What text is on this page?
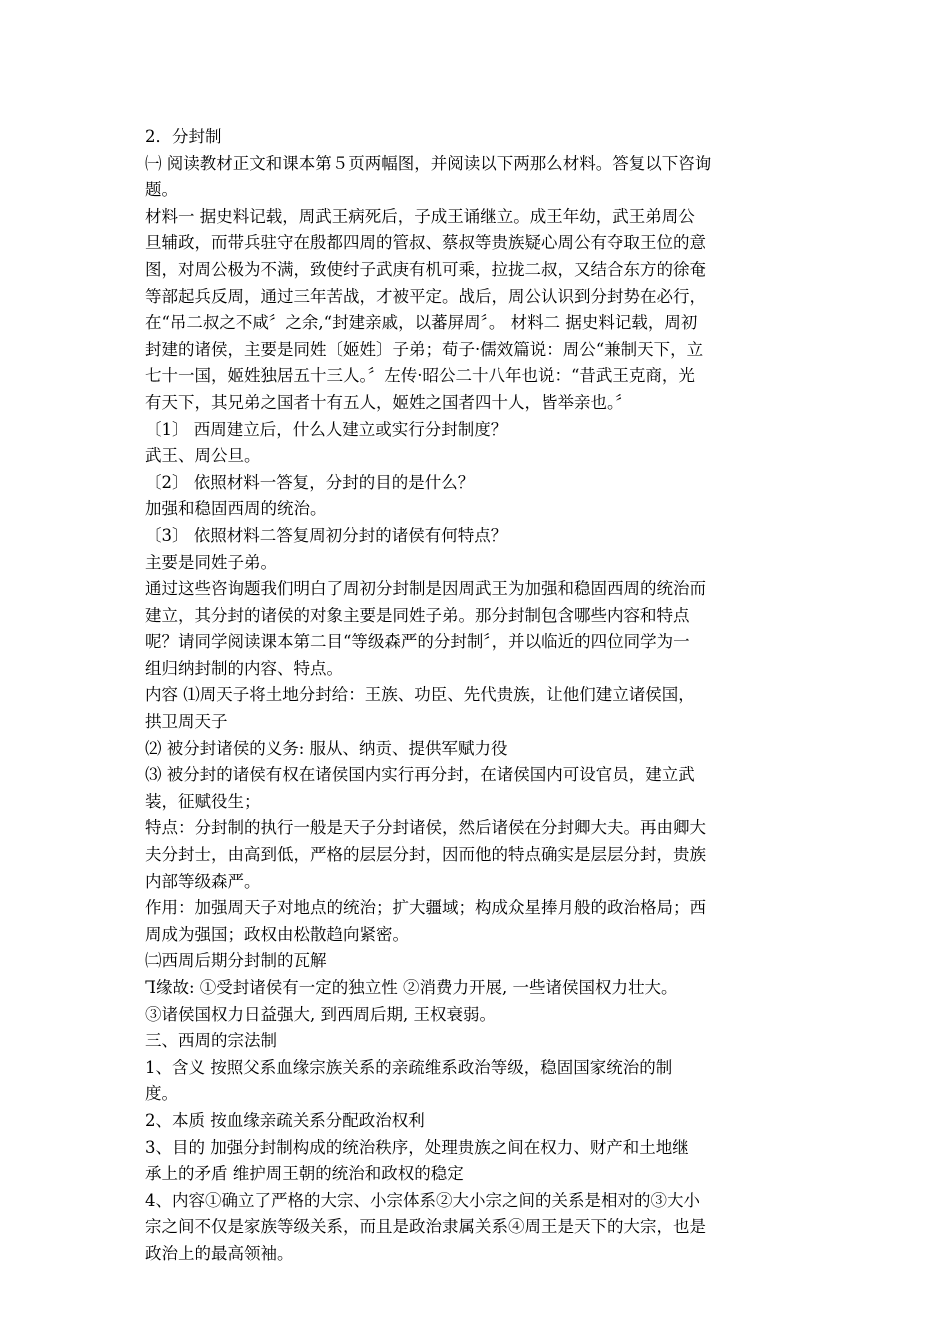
2．分封制
㈠ 阅读教材正文和课本第５页两幅图，并阅读以下两那么材料。答复以下咨询
题。
材料一 据史料记载，周武王病死后，子成王诵继立。成王年幼，武王弟周公
旦辅政，而带兵驻守在殷都四周的管叔、蔡叔等贵族疑心周公有夺取王位的意
图，对周公极为不满，致使纣子武庚有机可乘，拉拢二叔，又结合东方的徐奄
等部起兵反周，通过三年苦战，才被平定。战后，周公认识到分封势在必行，
在“吊二叔之不咸〞之余,“封建亲戚，以蕃屏周〞。 材料二 据史料记载，周初
封建的诸侯，主要是同姓〔姬姓〕子弟；荀子·儒效篇说：周公“兼制天下，立
七十一国，姬姓独居五十三人。〞左传·昭公二十八年也说：“昔武王克商，光
有天下，其兄弟之国者十有五人，姬姓之国者四十人，皆举亲也。〞
〔1〕 西周建立后，什么人建立或实行分封制度？
武王、周公旦。
〔2〕 依照材料一答复，分封的目的是什么？
加强和稳固西周的统治。
〔3〕 依照材料二答复周初分封的诸侯有何特点？
主要是同姓子弟。
通过这些咨询题我们明白了周初分封制是因周武王为加强和稳固西周的统治而
建立，其分封的诸侯的对象主要是同姓子弟。那分封制包含哪些内容和特点
呢？请同学阅读课本第二目“等级森严的分封制〞，并以临近的四位同学为一
组归纳封制的内容、特点。
内容 ⑴周天子将土地分封给：王族、功臣、先代贵族，让他们建立诸侯国，
拱卫周天子
⑵ 被分封诸侯的义务: 服从、纳贡、提供军赋力役
⑶ 被分封的诸侯有权在诸侯国内实行再分封，在诸侯国内可设官员，建立武
装，征赋役生；
特点：分封制的执行一般是天子分封诸侯，然后诸侯在分封卿大夫。再由卿大
夫分封士，由高到低，严格的层层分封，因而他的特点确实是层层分封，贵族
内部等级森严。
作用：加强周天子对地点的统治；扩大疆域；构成众星捧月般的政治格局；西
周成为强国；政权由松散趋向紧密。
㈡西周后期分封制的瓦解
Ꞁ缘故: ①受封诸侯有一定的独立性 ②消费力开展, 一些诸侯国权力壮大。
③诸侯国权力日益强大, 到西周后期, 王权衰弱。
三、西周的宗法制
1、含义 按照父系血缘宗族关系的亲疏维系政治等级，稳固国家统治的制
度。
2、本质 按血缘亲疏关系分配政治权利
3、目的 加强分封制构成的统治秩序，处理贵族之间在权力、财产和土地继
承上的矛盾 维护周王朝的统治和政权的稳定
4、内容①确立了严格的大宗、小宗体系②大小宗之间的关系是相对的③大小
宗之间不仅是家族等级关系，而且是政治隶属关系④周王是天下的大宗，也是
政治上的最高领袖。
